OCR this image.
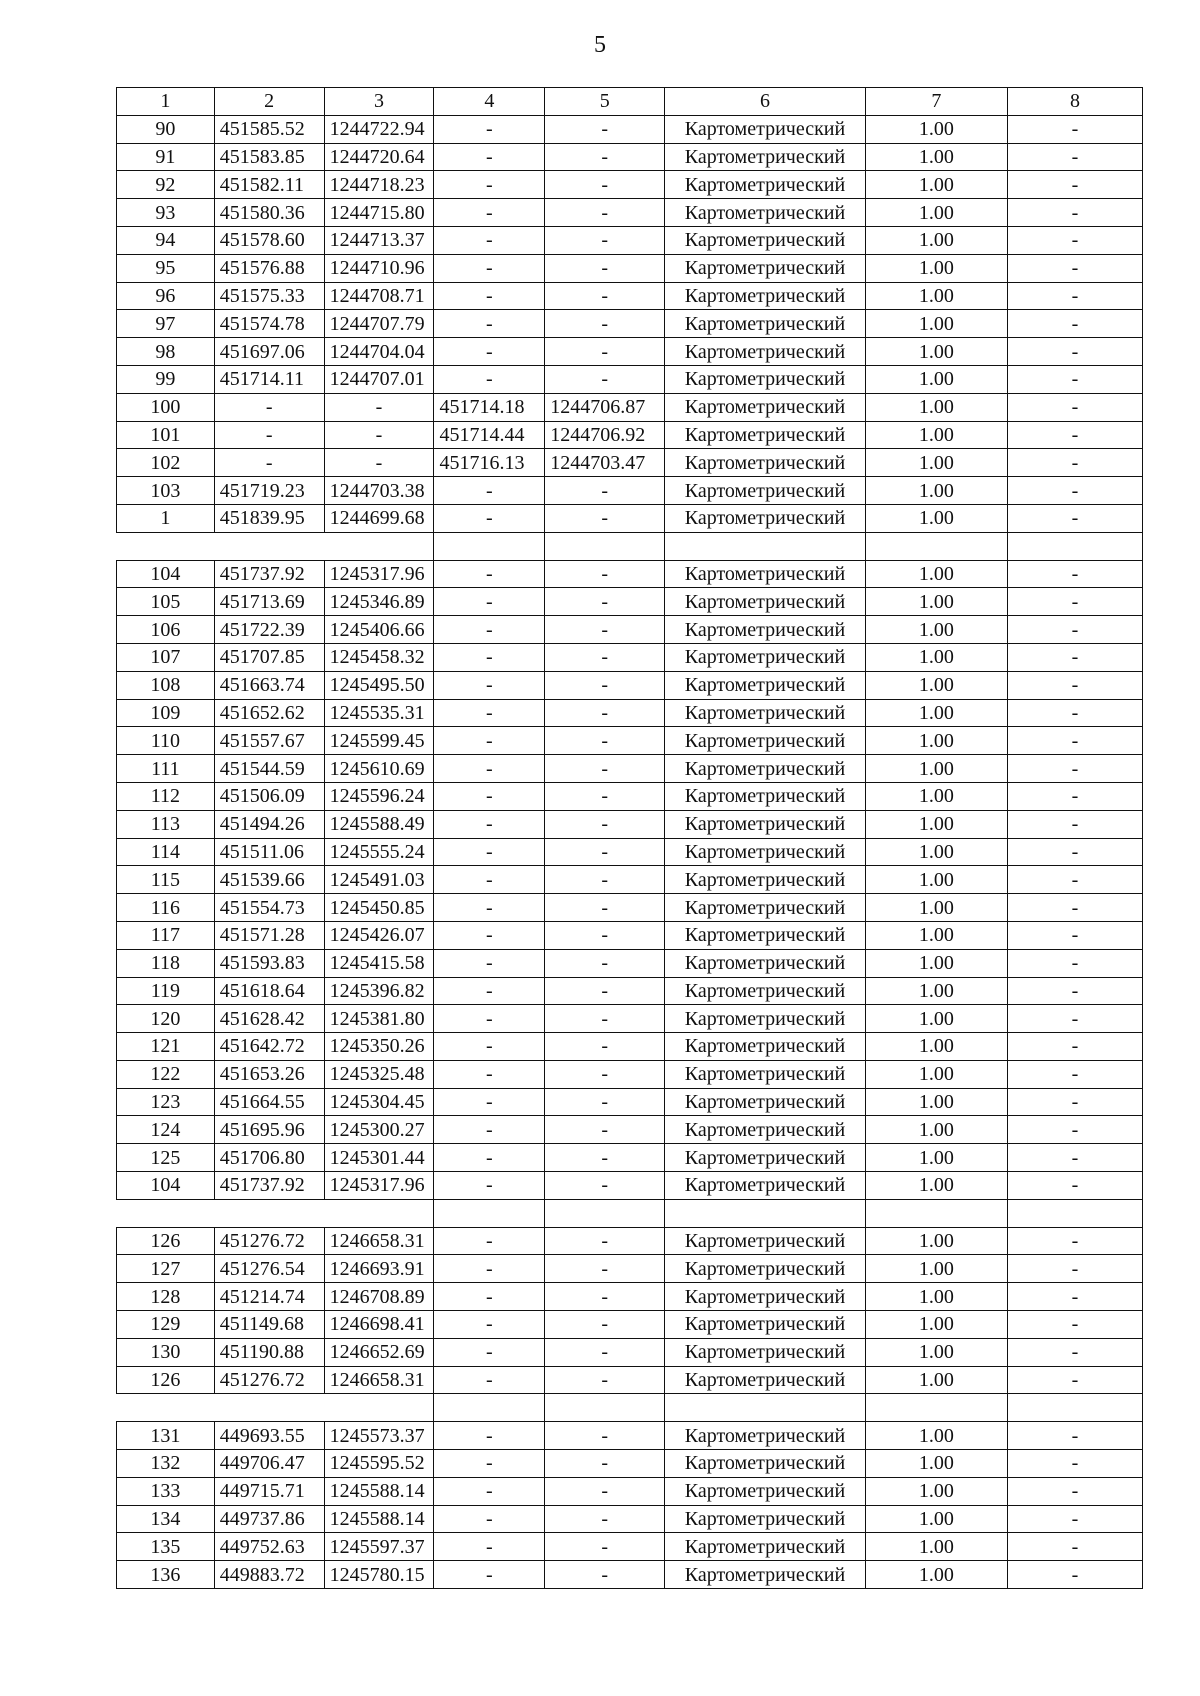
5
1	2	3	4	5	6	7	8
90	451585.52	1244722.94	-	-	Картометрический	1.00	-
91	451583.85	1244720.64	-	-	Картометрический	1.00	-
92	451582.11	1244718.23	-	-	Картометрический	1.00	-
93	451580.36	1244715.80	-	-	Картометрический	1.00	-
94	451578.60	1244713.37	-	-	Картометрический	1.00	-
95	451576.88	1244710.96	-	-	Картометрический	1.00	-
96	451575.33	1244708.71	-	-	Картометрический	1.00	-
97	451574.78	1244707.79	-	-	Картометрический	1.00	-
98	451697.06	1244704.04	-	-	Картометрический	1.00	-
99	451714.11	1244707.01	-	-	Картометрический	1.00	-
100	-	-	451714.18	1244706.87	Картометрический	1.00	-
101	-	-	451714.44	1244706.92	Картометрический	1.00	-
102	-	-	451716.13	1244703.47	Картометрический	1.00	-
103	451719.23	1244703.38	-	-	Картометрический	1.00	-
1	451839.95	1244699.68	-	-	Картометрический	1.00	-

104	451737.92	1245317.96	-	-	Картометрический	1.00	-
105	451713.69	1245346.89	-	-	Картометрический	1.00	-
106	451722.39	1245406.66	-	-	Картометрический	1.00	-
107	451707.85	1245458.32	-	-	Картометрический	1.00	-
108	451663.74	1245495.50	-	-	Картометрический	1.00	-
109	451652.62	1245535.31	-	-	Картометрический	1.00	-
110	451557.67	1245599.45	-	-	Картометрический	1.00	-
111	451544.59	1245610.69	-	-	Картометрический	1.00	-
112	451506.09	1245596.24	-	-	Картометрический	1.00	-
113	451494.26	1245588.49	-	-	Картометрический	1.00	-
114	451511.06	1245555.24	-	-	Картометрический	1.00	-
115	451539.66	1245491.03	-	-	Картометрический	1.00	-
116	451554.73	1245450.85	-	-	Картометрический	1.00	-
117	451571.28	1245426.07	-	-	Картометрический	1.00	-
118	451593.83	1245415.58	-	-	Картометрический	1.00	-
119	451618.64	1245396.82	-	-	Картометрический	1.00	-
120	451628.42	1245381.80	-	-	Картометрический	1.00	-
121	451642.72	1245350.26	-	-	Картометрический	1.00	-
122	451653.26	1245325.48	-	-	Картометрический	1.00	-
123	451664.55	1245304.45	-	-	Картометрический	1.00	-
124	451695.96	1245300.27	-	-	Картометрический	1.00	-
125	451706.80	1245301.44	-	-	Картометрический	1.00	-
104	451737.92	1245317.96	-	-	Картометрический	1.00	-

126	451276.72	1246658.31	-	-	Картометрический	1.00	-
127	451276.54	1246693.91	-	-	Картометрический	1.00	-
128	451214.74	1246708.89	-	-	Картометрический	1.00	-
129	451149.68	1246698.41	-	-	Картометрический	1.00	-
130	451190.88	1246652.69	-	-	Картометрический	1.00	-
126	451276.72	1246658.31	-	-	Картометрический	1.00	-

131	449693.55	1245573.37	-	-	Картометрический	1.00	-
132	449706.47	1245595.52	-	-	Картометрический	1.00	-
133	449715.71	1245588.14	-	-	Картометрический	1.00	-
134	449737.86	1245588.14	-	-	Картометрический	1.00	-
135	449752.63	1245597.37	-	-	Картометрический	1.00	-
136	449883.72	1245780.15	-	-	Картометрический	1.00	-
